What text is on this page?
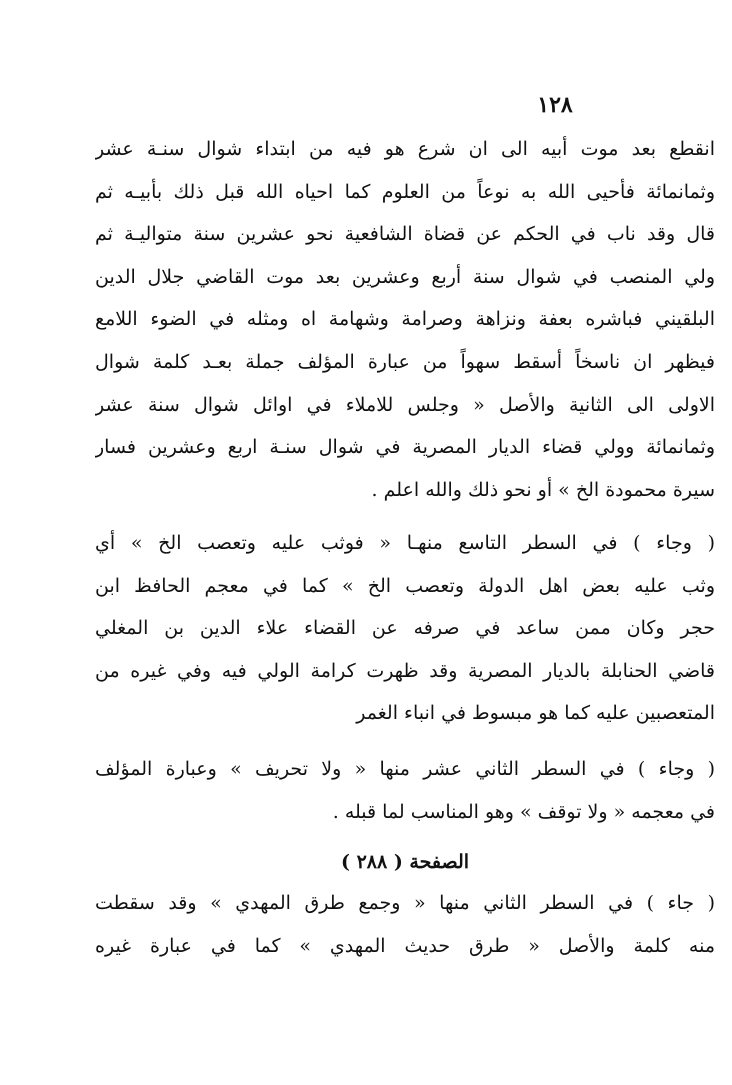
١٢٨
انقطع بعد موت أبيه الى ان شرع هو فيه من ابتداء شوال سنـة عشر
وثمانمائة فأحيى الله به نوعاً من العلوم كما احياه الله قبل ذلك بأبيـه ثم
قال وقد ناب في الحكم عن قضاة الشافعية نحو عشرين سنة متواليـة ثم
ولي المنصب في شوال سنة أربع وعشرين بعد موت القاضي جلال الدين
البلقيني فباشره بعفة ونزاهة وصرامة وشهامة اه ومثله في الضوء اللامع
فيظهر ان ناسخاً أسقط سهواً من عبارة المؤلف جملة بعـد كلمة شوال
الاولى الى الثانية والأصل « وجلس للاملاء في اوائل شوال سنة عشر
وثمانمائة وولي قضاء الديار المصرية في شوال سنـة اربع وعشرين فسار
سيرة محمودة الخ » أو نحو ذلك والله اعلم .
( وجاء ) في السطر التاسع منهـا « فوثب عليه وتعصب الخ » أي
وثب عليه بعض اهل الدولة وتعصب الخ » كما في معجم الحافظ ابن
حجر وكان ممن ساعد في صرفه عن القضاء علاء الدين بن المغلي
قاضي الحنابلة بالديار المصرية وقد ظهرت كرامة الولي فيه وفي غيره من
المتعصبين عليه كما هو مبسوط في انباء الغمر
( وجاء ) في السطر الثاني عشر منها « ولا تحريف » وعبارة المؤلف
في معجمه « ولا توقف » وهو المناسب لما قبله .
الصفحة ( ٢٨٨ )
( جاء ) في السطر الثاني منها « وجمع طرق المهدي » وقد سقطت
منه كلمة والأصل « طرق حديث المهدي » كما في عبارة غيره
